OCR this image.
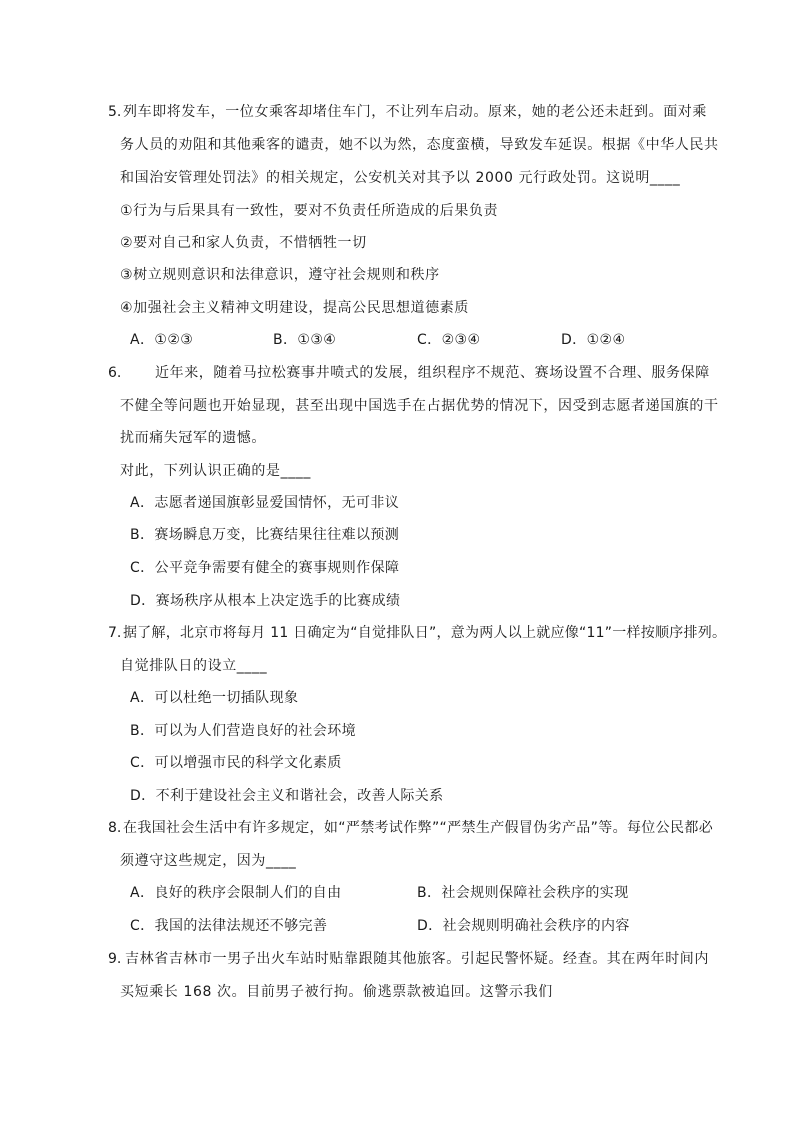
5. 列车即将发车，一位女乘客却堵住车门，不让列车启动。原来，她的老公还未赶到。面对乘
务人员的劝阻和其他乘客的谴责，她不以为然，态度蛮横，导致发车延误。根据《中华人民共
和国治安管理处罚法》的相关规定，公安机关对其予以 2000 元行政处罚。这说明____
①行为与后果具有一致性，要对不负责任所造成的后果负责
②要对自己和家人负责，不惜牺牲一切
③树立规则意识和法律意识，遵守社会规则和秩序
④加强社会主义精神文明建设，提高公民思想道德素质
A．①②③	B．①③④	C．②③④	D．①②④
6. 近年来，随着马拉松赛事井喷式的发展，组织程序不规范、赛场设置不合理、服务保障
不健全等问题也开始显现，甚至出现中国选手在占据优势的情况下，因受到志愿者递国旗的干
扰而痛失冠军的遗憾。
对此，下列认识正确的是____
A．志愿者递国旗彰显爱国情怀，无可非议
B．赛场瞬息万变，比赛结果往往难以预测
C．公平竞争需要有健全的赛事规则作保障
D．赛场秩序从根本上决定选手的比赛成绩
7. 据了解，北京市将每月 11 日确定为“自觉排队日”，意为两人以上就应像“11”一样按顺序排列。
自觉排队日的设立____
A．可以杜绝一切插队现象
B．可以为人们营造良好的社会环境
C．可以增强市民的科学文化素质
D．不利于建设社会主义和谐社会，改善人际关系
8. 在我国社会生活中有许多规定，如“严禁考试作弊”“严禁生产假冒伪劣产品”等。每位公民都必
须遵守这些规定，因为____
A．良好的秩序会限制人们的自由	B．社会规则保障社会秩序的实现
C．我国的法律法规还不够完善	D．社会规则明确社会秩序的内容
9. 吉林省吉林市一男子出火车站时贴靠跟随其他旅客。引起民警怀疑。经查。其在两年时间内
买短乘长 168 次。目前男子被行拘。偷逃票款被追回。这警示我们
